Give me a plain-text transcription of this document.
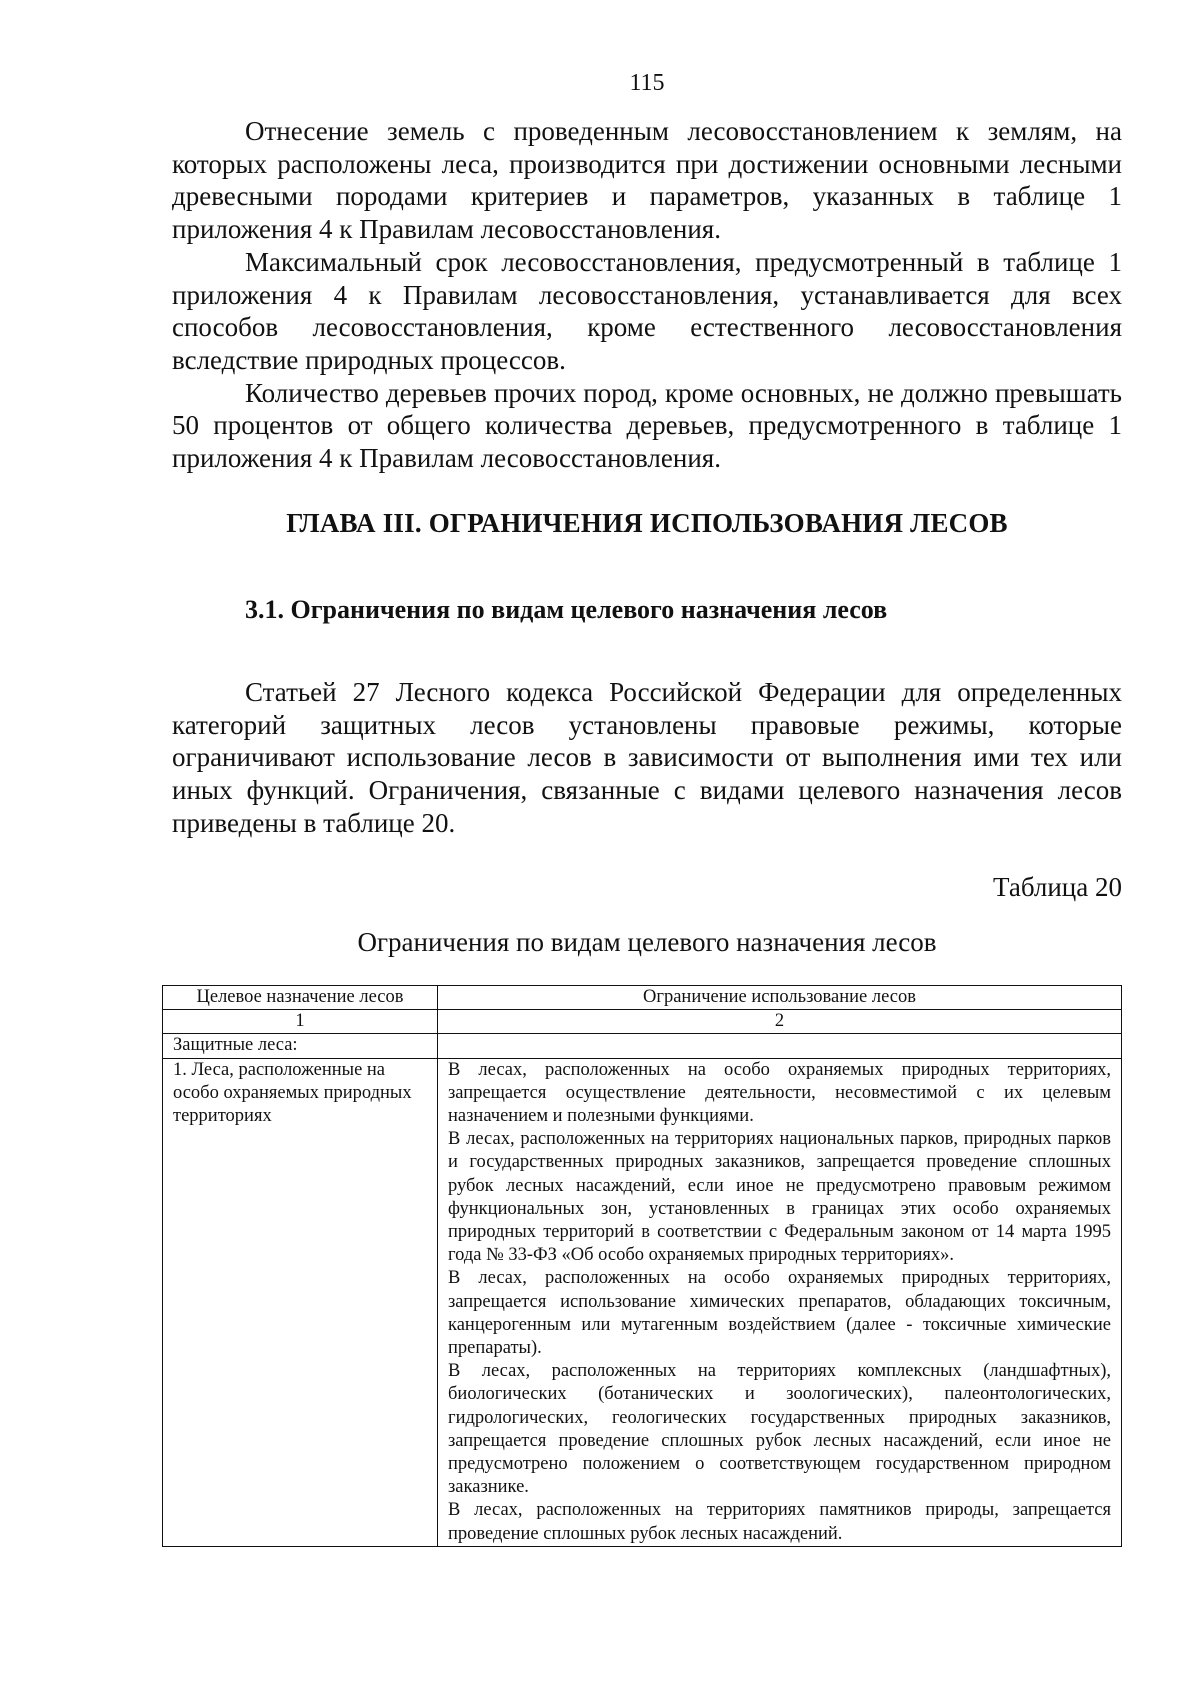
115

Отнесение земель с проведенным лесовосстановлением к землям, на которых расположены леса, производится при достижении основными лесными древесными породами критериев и параметров, указанных в таблице 1 приложения 4 к Правилам лесовосстановления.

Максимальный срок лесовосстановления, предусмотренный в таблице 1 приложения 4 к Правилам лесовосстановления, устанавливается для всех способов лесовосстановления, кроме естественного лесовосстановления вследствие природных процессов.

Количество деревьев прочих пород, кроме основных, не должно превышать 50 процентов от общего количества деревьев, предусмотренного в таблице 1 приложения 4 к Правилам лесовосстановления.

ГЛАВА III. ОГРАНИЧЕНИЯ ИСПОЛЬЗОВАНИЯ ЛЕСОВ
3.1. Ограничения по видам целевого назначения лесов

Статьей 27 Лесного кодекса Российской Федерации для определенных категорий защитных лесов установлены правовые режимы, которые ограничивают использование лесов в зависимости от выполнения ими тех или иных функций. Ограничения, связанные с видами целевого назначения лесов приведены в таблице 20.

Таблица 20
Ограничения по видам целевого назначения лесов
Целевое назначение лесов	Ограничение использование лесов
1	2
Защитные леса:	

1. Леса, расположенные на особо охраняемых природных территориях	В лесах, расположенных на особо охраняемых природных территориях, запрещается осуществление деятельности, несовместимой с их целевым назначением и полезными функциями.

В лесах, расположенных на территориях национальных парков, природных парков и государственных природных заказников, запрещается проведение сплошных рубок лесных насаждений, если иное не предусмотрено правовым режимом функциональных зон, установленных в границах этих особо охраняемых природных территорий в соответствии с Федеральным законом от 14 марта 1995 года № 33-ФЗ «Об особо охраняемых природных территориях».

В лесах, расположенных на особо охраняемых природных территориях, запрещается использование химических препаратов, обладающих токсичным, канцерогенным или мутагенным воздействием (далее - токсичные химические препараты).

В лесах, расположенных на территориях комплексных (ландшафтных), биологических (ботанических и зоологических), палеонтологических, гидрологических, геологических государственных природных заказников, запрещается проведение сплошных рубок лесных насаждений, если иное не предусмотрено положением о соответствующем государственном природном заказнике.

В лесах, расположенных на территориях памятников природы, запрещается проведение сплошных рубок лесных насаждений.
